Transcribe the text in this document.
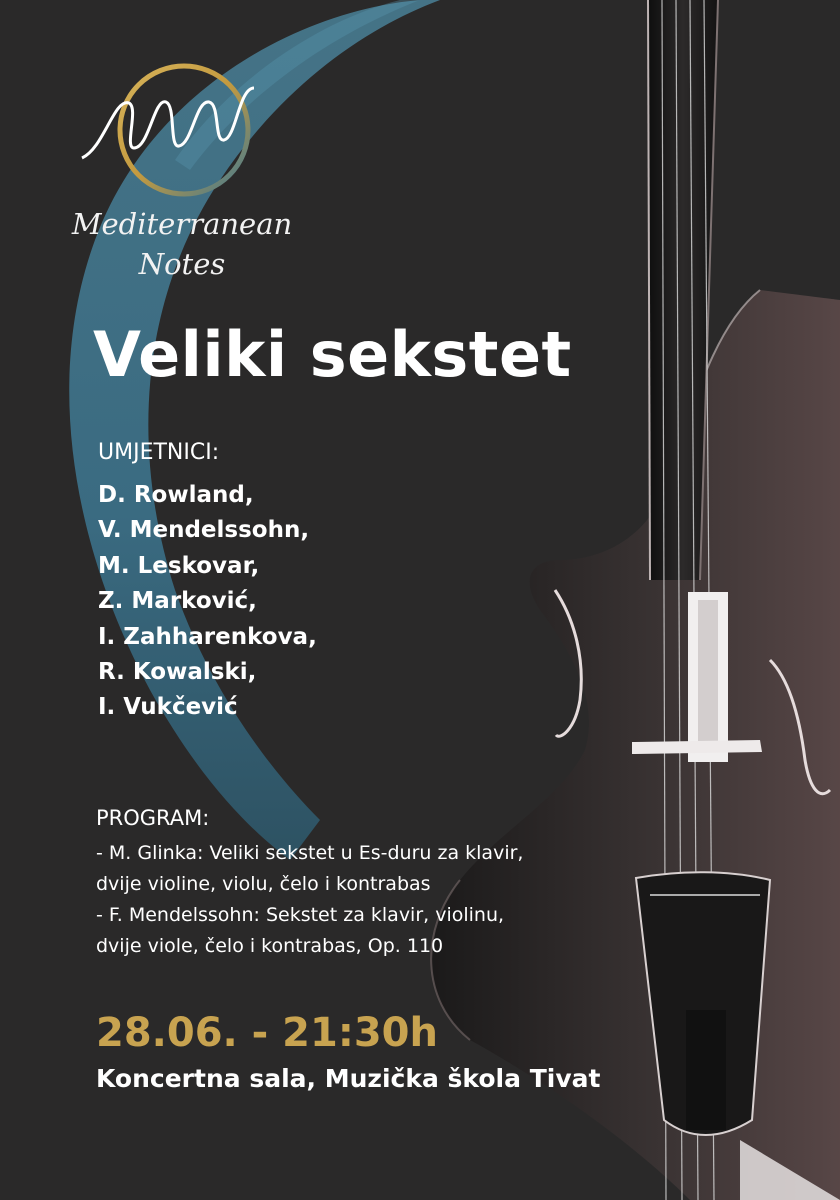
Mediterranean
Notes
Veliki sekstet
UMJETNICI:
D. Rowland,
V. Mendelssohn,
M. Leskovar,
Z. Marković,
I. Zahharenkova,
R. Kowalski,
I. Vukčević
PROGRAM:
- M. Glinka: Veliki sekstet u Es-duru za klavir,
dvije violine, violu, čelo i kontrabas
- F. Mendelssohn: Sekstet za klavir, violinu,
dvije viole, čelo i kontrabas, Op. 110
28.06. - 21:30h
Koncertna sala, Muzička škola Tivat
